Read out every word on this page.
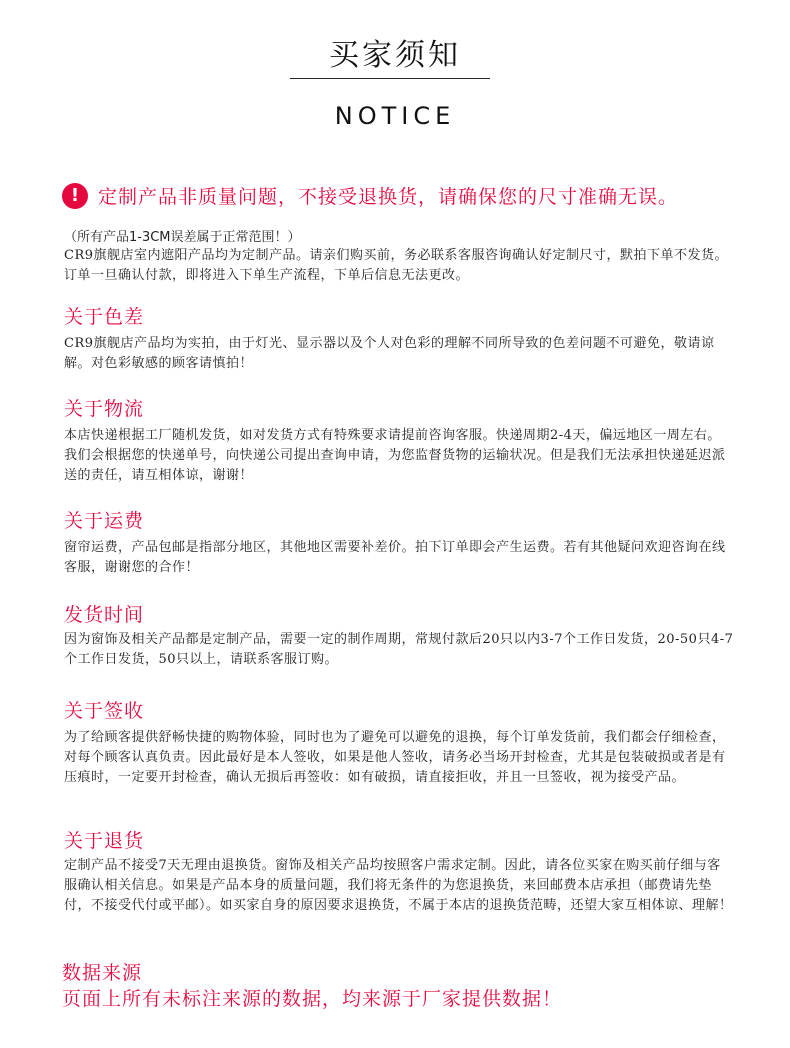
买家须知
NOTICE
! 定制产品非质量问题，不接受退换货，请确保您的尺寸准确无误。
（所有产品1-3CM误差属于正常范围！）
CR9旗舰店室内遮阳产品均为定制产品。请亲们购买前，务必联系客服咨询确认好定制尺寸，默拍下单不发货。订单一旦确认付款，即将进入下单生产流程，下单后信息无法更改。
关于色差
CR9旗舰店产品均为实拍，由于灯光、显示器以及个人对色彩的理解不同所导致的色差问题不可避免，敬请谅解。对色彩敏感的顾客请慎拍！
关于物流
本店快递根据工厂随机发货，如对发货方式有特殊要求请提前咨询客服。快递周期2-4天，偏远地区一周左右。我们会根据您的快递单号，向快递公司提出查询申请，为您监督货物的运输状况。但是我们无法承担快递延迟派送的责任，请互相体谅，谢谢！
关于运费
窗帘运费，产品包邮是指部分地区，其他地区需要补差价。拍下订单即会产生运费。若有其他疑问欢迎咨询在线客服，谢谢您的合作！
发货时间
因为窗饰及相关产品都是定制产品，需要一定的制作周期，常规付款后20只以内3-7个工作日发货，20-50只4-7个工作日发货，50只以上，请联系客服订购。
关于签收
为了给顾客提供舒畅快捷的购物体验，同时也为了避免可以避免的退换，每个订单发货前，我们都会仔细检查，对每个顾客认真负责。因此最好是本人签收，如果是他人签收，请务必当场开封检查，尤其是包装破损或者是有压痕时，一定要开封检查，确认无损后再签收：如有破损，请直接拒收，并且一旦签收，视为接受产品。
关于退货
定制产品不接受7天无理由退换货。窗饰及相关产品均按照客户需求定制。因此，请各位买家在购买前仔细与客服确认相关信息。如果是产品本身的质量问题，我们将无条件的为您退换货，来回邮费本店承担（邮费请先垫付，不接受代付或平邮）。如买家自身的原因要求退换货，不属于本店的退换货范畴，还望大家互相体谅、理解！
数据来源
页面上所有未标注来源的数据，均来源于厂家提供数据！
